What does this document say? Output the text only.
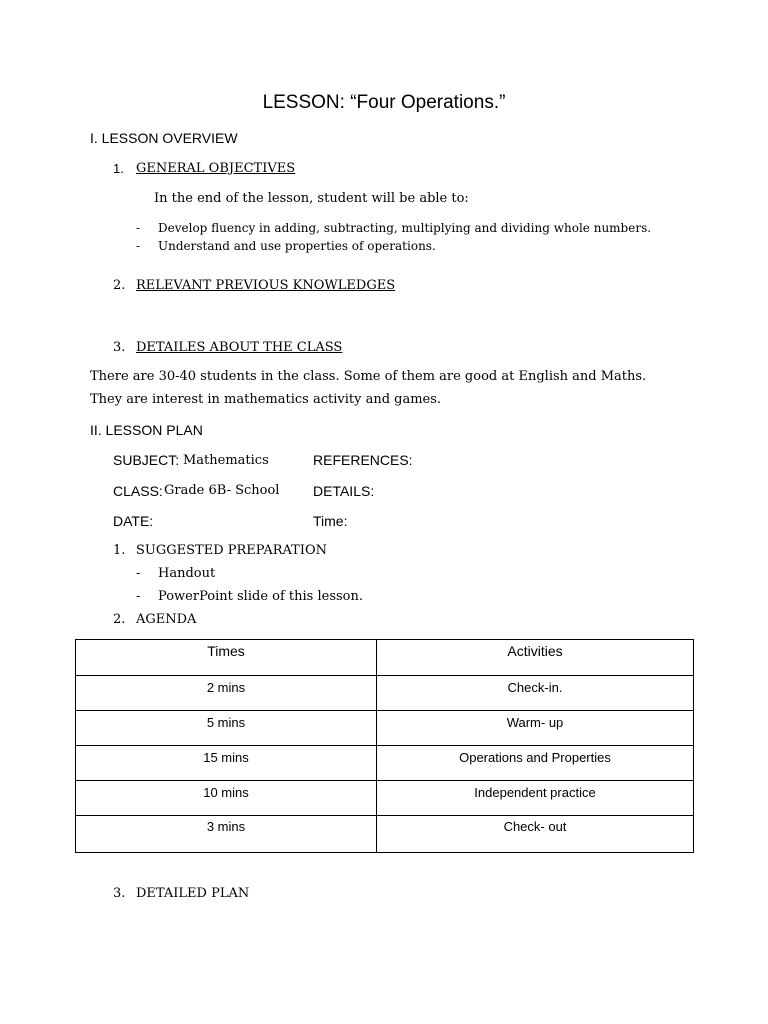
LESSON: “Four Operations.”
I. LESSON OVERVIEW
1. GENERAL OBJECTIVES
In the end of the lesson, student will be able to:
- Develop fluency in adding, subtracting, multiplying and dividing whole numbers.
- Understand and use properties of operations.
2. RELEVANT PREVIOUS KNOWLEDGES
3. DETAILES ABOUT THE CLASS
There are 30-40 students in the class. Some of them are good at English and Maths.
They are interest in mathematics activity and games.
II. LESSON PLAN
SUBJECT: Mathematics	REFERENCES:
CLASS: Grade 6B- School DETAILS:
DATE:	Time:
1. SUGGESTED PREPARATION
- Handout
- PowerPoint slide of this lesson.
2. AGENDA
Times	Activities
2 mins	Check-in.
5 mins	Warm- up
15 mins	Operations and Properties
10 mins	Independent practice
3 mins	Check- out
3. DETAILED PLAN
